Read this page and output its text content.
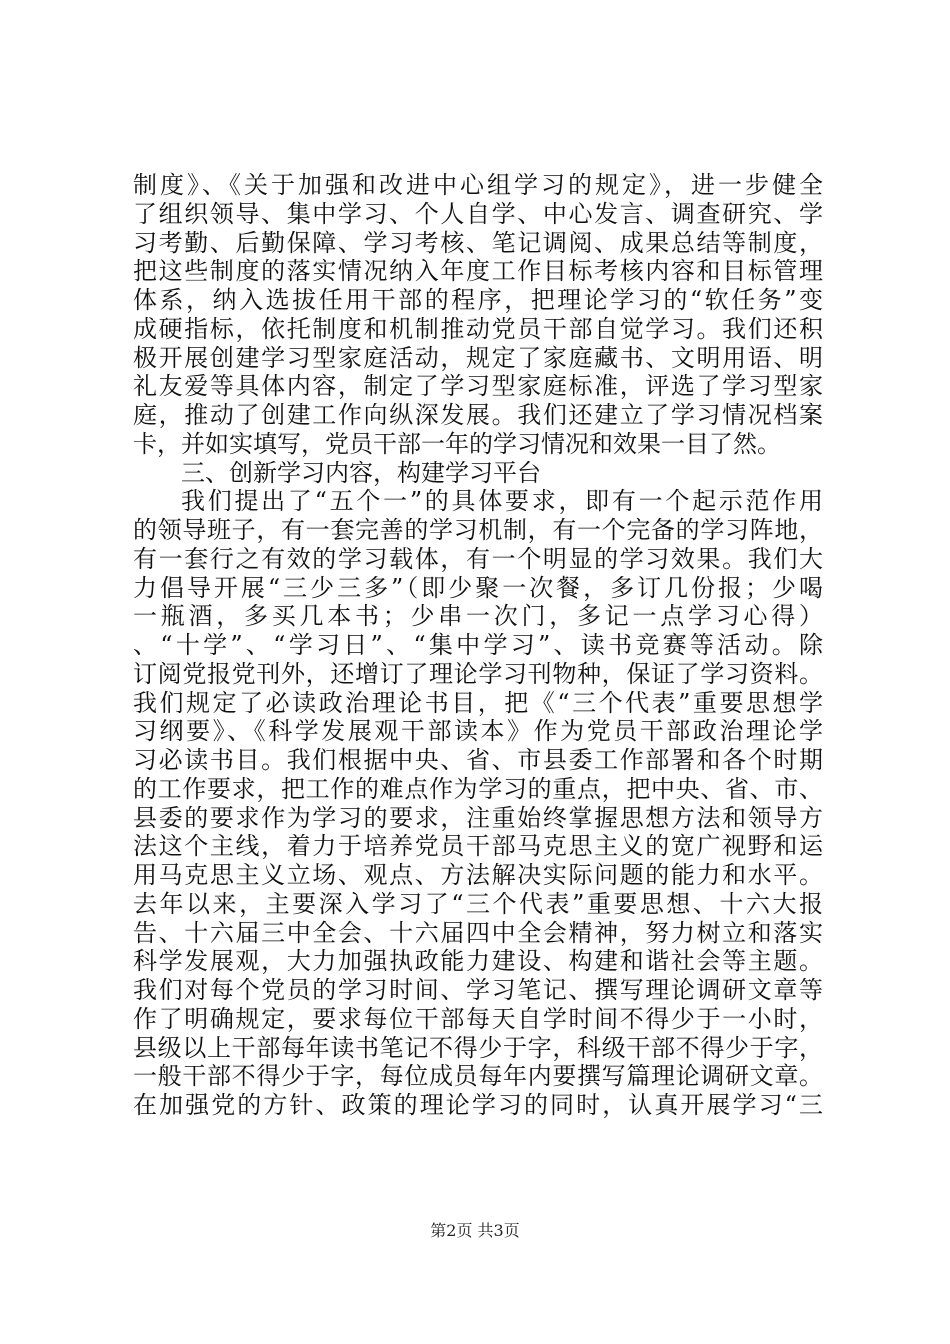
制度》、《关于加强和改进中心组学习的规定》，进一步健全
了组织领导、集中学习、个人自学、中心发言、调查研究、学
习考勤、后勤保障、学习考核、笔记调阅、成果总结等制度，
把这些制度的落实情况纳入年度工作目标考核内容和目标管理
体系，纳入选拔任用干部的程序，把理论学习的“软任务”变
成硬指标，依托制度和机制推动党员干部自觉学习。我们还积
极开展创建学习型家庭活动，规定了家庭藏书、文明用语、明
礼友爱等具体内容，制定了学习型家庭标准，评选了学习型家
庭，推动了创建工作向纵深发展。我们还建立了学习情况档案
卡，并如实填写，党员干部一年的学习情况和效果一目了然。
三、创新学习内容，构建学习平台
我们提出了“五个一”的具体要求，即有一个起示范作用
的领导班子，有一套完善的学习机制，有一个完备的学习阵地，
有一套行之有效的学习载体，有一个明显的学习效果。我们大
力倡导开展“三少三多”（即少聚一次餐，多订几份报；少喝
一瓶酒，多买几本书；少串一次门，多记一点学习心得）
、“十学”、“学习日”、“集中学习”、读书竞赛等活动。除
订阅党报党刊外，还增订了理论学习刊物种，保证了学习资料。
我们规定了必读政治理论书目，把《“三个代表”重要思想学
习纲要》、《科学发展观干部读本》作为党员干部政治理论学
习必读书目。我们根据中央、省、市县委工作部署和各个时期
的工作要求，把工作的难点作为学习的重点，把中央、省、市、
县委的要求作为学习的要求，注重始终掌握思想方法和领导方
法这个主线，着力于培养党员干部马克思主义的宽广视野和运
用马克思主义立场、观点、方法解决实际问题的能力和水平。
去年以来，主要深入学习了“三个代表”重要思想、十六大报
告、十六届三中全会、十六届四中全会精神，努力树立和落实
科学发展观，大力加强执政能力建设、构建和谐社会等主题。
我们对每个党员的学习时间、学习笔记、撰写理论调研文章等
作了明确规定，要求每位干部每天自学时间不得少于一小时，
县级以上干部每年读书笔记不得少于字，科级干部不得少于字，
一般干部不得少于字，每位成员每年内要撰写篇理论调研文章。
在加强党的方针、政策的理论学习的同时，认真开展学习“三
第2页 共3页
